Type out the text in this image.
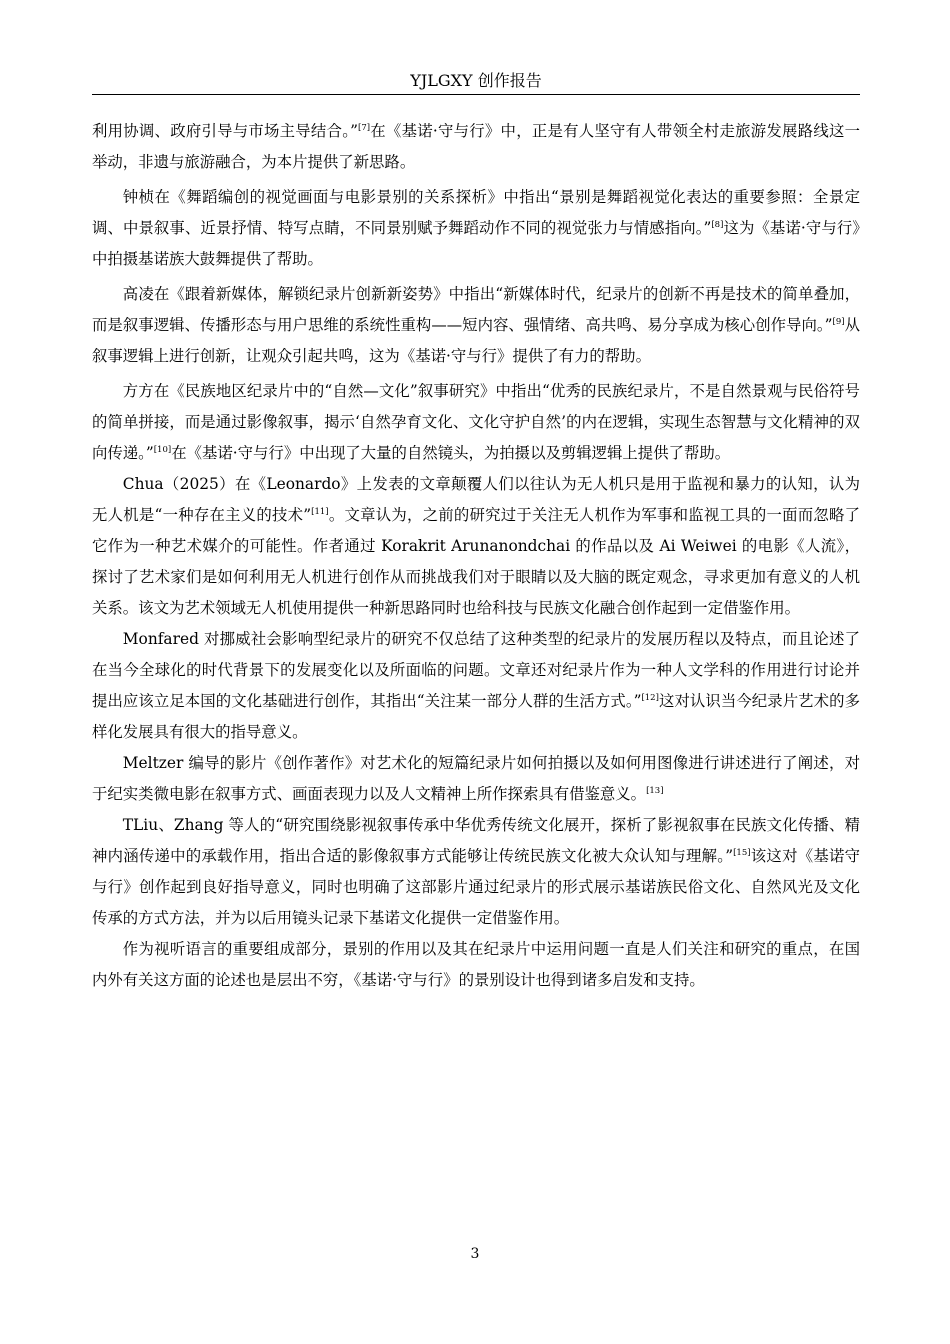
YJLGXY 创作报告

利用协调、政府引导与市场主导结合。”[7]在《基诺·守与行》中，正是有人坚守有人带领全村走旅游发展路线这一举动，非遗与旅游融合，为本片提供了新思路。

钟桢在《舞蹈编创的视觉画面与电影景别的关系探析》中指出“景别是舞蹈视觉化表达的重要参照：全景定调、中景叙事、近景抒情、特写点睛，不同景别赋予舞蹈动作不同的视觉张力与情感指向。”[8]这为《基诺·守与行》中拍摄基诺族大鼓舞提供了帮助。

高凌在《跟着新媒体，解锁纪录片创新新姿势》中指出“新媒体时代，纪录片的创新不再是技术的简单叠加，而是叙事逻辑、传播形态与用户思维的系统性重构——短内容、强情绪、高共鸣、易分享成为核心创作导向。”[9]从叙事逻辑上进行创新，让观众引起共鸣，这为《基诺·守与行》提供了有力的帮助。

方方在《民族地区纪录片中的“自然—文化”叙事研究》中指出“优秀的民族纪录片，不是自然景观与民俗符号的简单拼接，而是通过影像叙事，揭示‘自然孕育文化、文化守护自然’的内在逻辑，实现生态智慧与文化精神的双向传递。”[10]在《基诺·守与行》中出现了大量的自然镜头，为拍摄以及剪辑逻辑上提供了帮助。

Chua（2025）在《Leonardo》上发表的文章颠覆人们以往认为无人机只是用于监视和暴力的认知，认为无人机是“一种存在主义的技术”[11]。文章认为，之前的研究过于关注无人机作为军事和监视工具的一面而忽略了它作为一种艺术媒介的可能性。作者通过 Korakrit Arunanondchai 的作品以及 Ai Weiwei 的电影《人流》，探讨了艺术家们是如何利用无人机进行创作从而挑战我们对于眼睛以及大脑的既定观念，寻求更加有意义的人机关系。该文为艺术领域无人机使用提供一种新思路同时也给科技与民族文化融合创作起到一定借鉴作用。

Monfared 对挪威社会影响型纪录片的研究不仅总结了这种类型的纪录片的发展历程以及特点，而且论述了在当今全球化的时代背景下的发展变化以及所面临的问题。文章还对纪录片作为一种人文学科的作用进行讨论并提出应该立足本国的文化基础进行创作，其指出“关注某一部分人群的生活方式。”[12]这对认识当今纪录片艺术的多样化发展具有很大的指导意义。

Meltzer 编导的影片《创作著作》对艺术化的短篇纪录片如何拍摄以及如何用图像进行讲述进行了阐述，对于纪实类微电影在叙事方式、画面表现力以及人文精神上所作探索具有借鉴意义。[13]

TLiu、Zhang 等人的“研究围绕影视叙事传承中华优秀传统文化展开，探析了影视叙事在民族文化传播、精神内涵传递中的承载作用，指出合适的影像叙事方式能够让传统民族文化被大众认知与理解。”[15]该这对《基诺守与行》创作起到良好指导意义，同时也明确了这部影片通过纪录片的形式展示基诺族民俗文化、自然风光及文化传承的方式方法，并为以后用镜头记录下基诺文化提供一定借鉴作用。

作为视听语言的重要组成部分，景别的作用以及其在纪录片中运用问题一直是人们关注和研究的重点，在国内外有关这方面的论述也是层出不穷，《基诺·守与行》的景别设计也得到诸多启发和支持。

3
